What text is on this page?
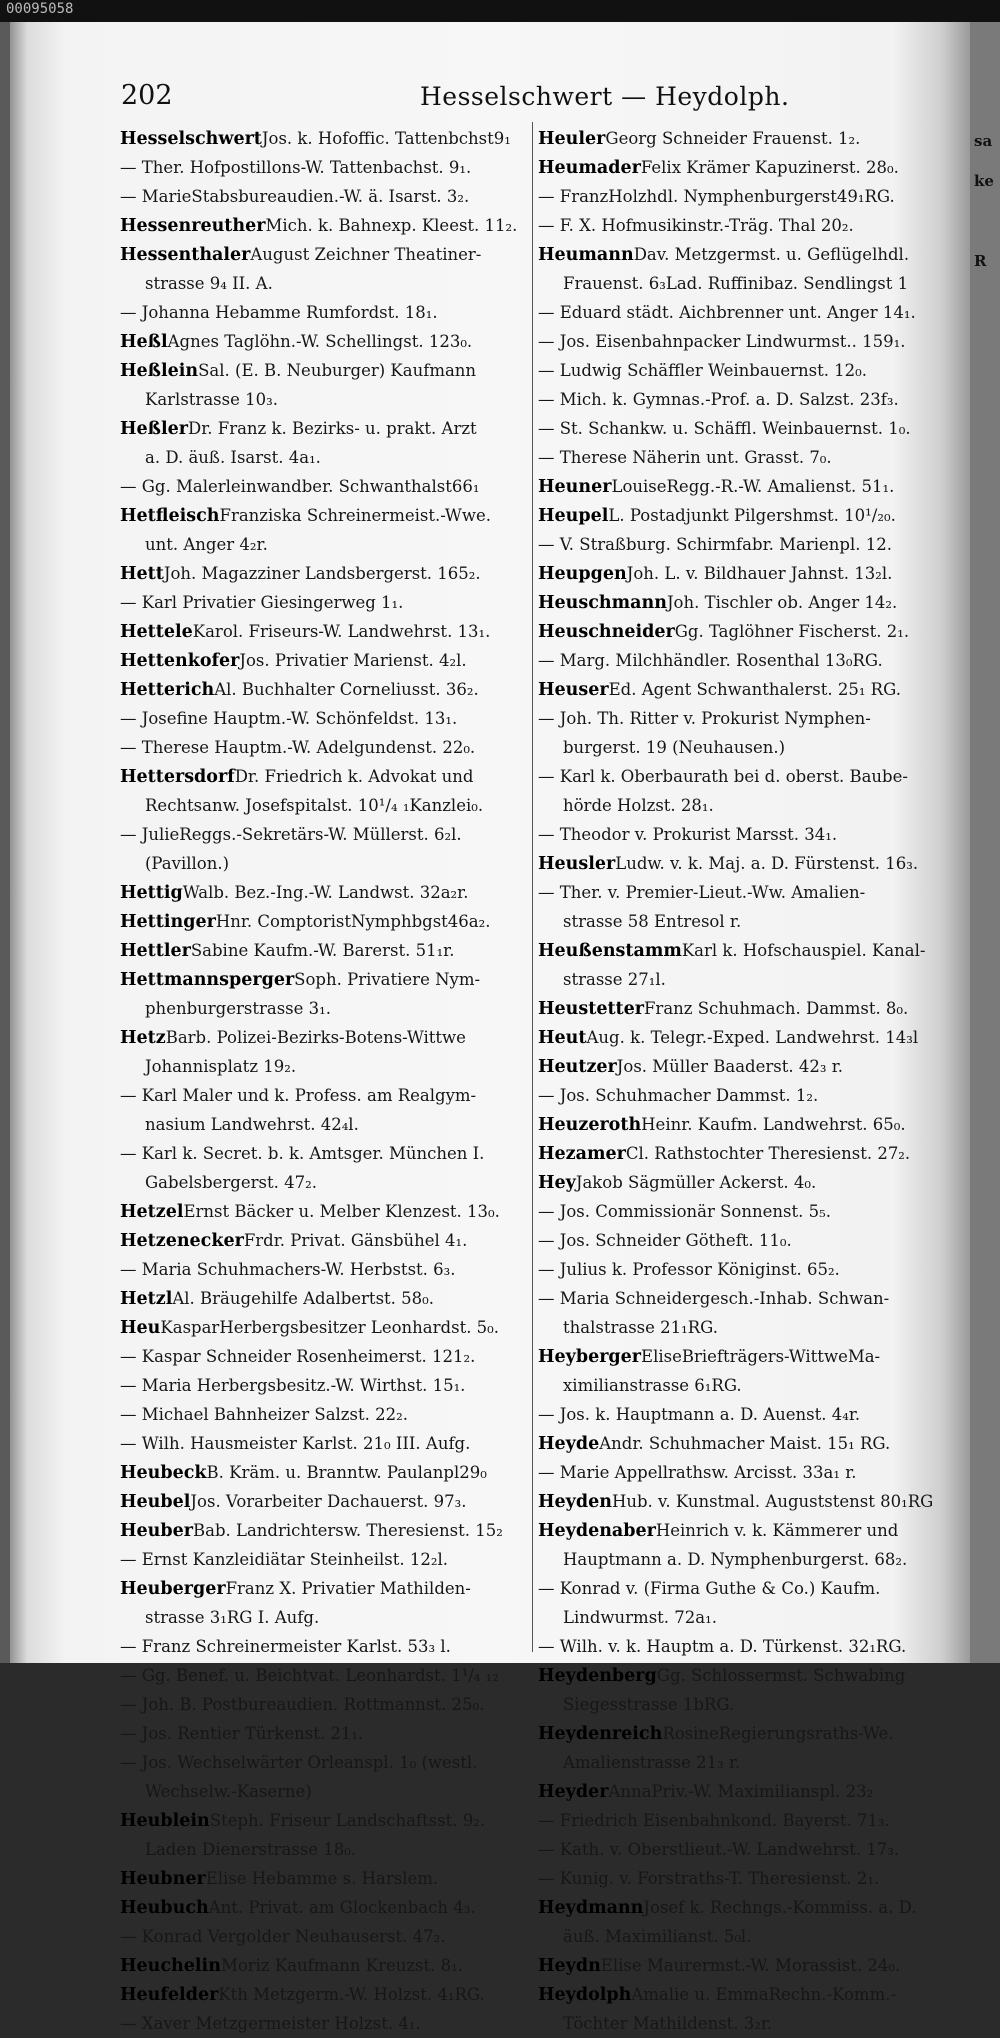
00095058
sa
ke
R
202	Hesselschwert — Heydolph.
HesselschwertJos. k. Hofoffic. Tattenbchst9₁
— Ther. Hofpostillons-W. Tattenbachst. 9₁.
— MarieStabsbureaudien.-W. ä. Isarst. 3₂.
HessenreutherMich. k. Bahnexp. Kleest. 11₂.
HessenthalerAugust Zeichner Theatiner-
strasse 9₄ II. A.
— Johanna Hebamme Rumfordst. 18₁.
HeßlAgnes Taglöhn.-W. Schellingst. 123₀.
HeßleinSal. (E. B. Neuburger) Kaufmann
Karlstrasse 10₃.
HeßlerDr. Franz k. Bezirks- u. prakt. Arzt
a. D. äuß. Isarst. 4a₁.
— Gg. Malerleinwandber. Schwanthalst66₁
HetfleischFranziska Schreinermeist.-Wwe.
unt. Anger 4₂r.
HettJoh. Magazziner Landsbergerst. 165₂.
— Karl Privatier Giesingerweg 1₁.
HetteleKarol. Friseurs-W. Landwehrst. 13₁.
HettenkoferJos. Privatier Marienst. 4₂l.
HetterichAl. Buchhalter Corneliusst. 36₂.
— Josefine Hauptm.-W. Schönfeldst. 13₁.
— Therese Hauptm.-W. Adelgundenst. 22₀.
HettersdorfDr. Friedrich k. Advokat und
Rechtsanw. Josefspitalst. 10¹/₄ ₁Kanzlei₀.
— JulieReggs.-Sekretärs-W. Müllerst. 6₂l.
(Pavillon.)
HettigWalb. Bez.-Ing.-W. Landwst. 32a₂r.
HettingerHnr. ComptoristNymphbgst46a₂.
HettlerSabine Kaufm.-W. Barerst. 51₁r.
HettmannspergerSoph. Privatiere Nym-
phenburgerstrasse 3₁.
HetzBarb. Polizei-Bezirks-Botens-Wittwe
Johannisplatz 19₂.
— Karl Maler und k. Profess. am Realgym-
nasium Landwehrst. 42₄l.
— Karl k. Secret. b. k. Amtsger. München I.
Gabelsbergerst. 47₂.
HetzelErnst Bäcker u. Melber Klenzest. 13₀.
HetzeneckerFrdr. Privat. Gänsbühel 4₁.
— Maria Schuhmachers-W. Herbstst. 6₃.
HetzlAl. Bräugehilfe Adalbertst. 58₀.
HeuKasparHerbergsbesitzer Leonhardst. 5₀.
— Kaspar Schneider Rosenheimerst. 121₂.
— Maria Herbergsbesitz.-W. Wirthst. 15₁.
— Michael Bahnheizer Salzst. 22₂.
— Wilh. Hausmeister Karlst. 21₀ III. Aufg.
HeubeckB. Kräm. u. Branntw. Paulanpl29₀
HeubelJos. Vorarbeiter Dachauerst. 97₃.
HeuberBab. Landrichtersw. Theresienst. 15₂
— Ernst Kanzleidiätar Steinheilst. 12₂l.
HeubergerFranz X. Privatier Mathilden-
strasse 3₁RG I. Aufg.
— Franz Schreinermeister Karlst. 53₃ l.
— Gg. Benef. u. Beichtvat. Leonhardst. 1¹/₄ ₁₂
— Joh. B. Postbureaudien. Rottmannst. 25₀.
— Jos. Rentier Türkenst. 21₁.
— Jos. Wechselwärter Orleanspl. 1₀ (westl.
Wechselw.-Kaserne)
HeubleinSteph. Friseur Landschaftsst. 9₂.
Laden Dienerstrasse 18₀.
HeubnerElise Hebamme s. Harslem.
HeubuchAnt. Privat. am Glockenbach 4₃.
— Konrad Vergolder Neuhauserst. 47₂.
HeuchelinMoriz Kaufmann Kreuzst. 8₁.
HeufelderKth Metzgerm.-W. Holzst. 4₁RG.
— Xaver Metzgermeister Holzst. 4₁.
HeulerGeorg Schneider Frauenst. 1₂.
HeumaderFelix Krämer Kapuzinerst. 28₀.
— FranzHolzhdl. Nymphenburgerst49₁RG.
— F. X. Hofmusikinstr.-Träg. Thal 20₂.
HeumannDav. Metzgermst. u. Geflügelhdl.
Frauenst. 6₃Lad. Ruffinibaz. Sendlingst 1
— Eduard städt. Aichbrenner unt. Anger 14₁.
— Jos. Eisenbahnpacker Lindwurmst.. 159₁.
— Ludwig Schäffler Weinbauernst. 12₀.
— Mich. k. Gymnas.-Prof. a. D. Salzst. 23f₃.
— St. Schankw. u. Schäffl. Weinbauernst. 1₀.
— Therese Näherin unt. Grasst. 7₀.
HeunerLouiseRegg.-R.-W. Amalienst. 51₁.
HeupelL. Postadjunkt Pilgershmst. 10¹/₂₀.
— V. Straßburg. Schirmfabr. Marienpl. 12.
HeupgenJoh. L. v. Bildhauer Jahnst. 13₂l.
HeuschmannJoh. Tischler ob. Anger 14₂.
HeuschneiderGg. Taglöhner Fischerst. 2₁.
— Marg. Milchhändler. Rosenthal 13₀RG.
HeuserEd. Agent Schwanthalerst. 25₁ RG.
— Joh. Th. Ritter v. Prokurist Nymphen-
burgerst. 19 (Neuhausen.)
— Karl k. Oberbaurath bei d. oberst. Baube-
hörde Holzst. 28₁.
— Theodor v. Prokurist Marsst. 34₁.
HeuslerLudw. v. k. Maj. a. D. Fürstenst. 16₃.
— Ther. v. Premier-Lieut.-Ww. Amalien-
strasse 58 Entresol r.
HeußenstammKarl k. Hofschauspiel. Kanal-
strasse 27₁l.
HeustetterFranz Schuhmach. Dammst. 8₀.
HeutAug. k. Telegr.-Exped. Landwehrst. 14₃l
HeutzerJos. Müller Baaderst. 42₃ r.
— Jos. Schuhmacher Dammst. 1₂.
HeuzerothHeinr. Kaufm. Landwehrst. 65₀.
HezamerCl. Rathstochter Theresienst. 27₂.
HeyJakob Sägmüller Ackerst. 4₀.
— Jos. Commissionär Sonnenst. 5₅.
— Jos. Schneider Götheft. 11₀.
— Julius k. Professor Königinst. 65₂.
— Maria Schneidergesch.-Inhab. Schwan-
thalstrasse 21₁RG.
HeybergerEliseBriefträgers-WittweMa-
ximilianstrasse 6₁RG.
— Jos. k. Hauptmann a. D. Auenst. 4₄r.
HeydeAndr. Schuhmacher Maist. 15₁ RG.
— Marie Appellrathsw. Arcisst. 33a₁ r.
HeydenHub. v. Kunstmal. Auguststenst 80₁RG
HeydenaberHeinrich v. k. Kämmerer und
Hauptmann a. D. Nymphenburgerst. 68₂.
— Konrad v. (Firma Guthe & Co.) Kaufm.
Lindwurmst. 72a₁.
— Wilh. v. k. Hauptm a. D. Türkenst. 32₁RG.
HeydenbergGg. Schlossermst. Schwabing
Siegesstrasse 1bRG.
HeydenreichRosineRegierungsraths-We.
Amalienstrasse 21₃ r.
HeyderAnnaPriv.-W. Maximilianspl. 23₂
— Friedrich Eisenbahnkond. Bayerst. 71₃.
— Kath. v. Oberstlieut.-W. Landwehrst. 17₃.
— Kunig. v. Forstraths-T. Theresienst. 2₁.
HeydmannJosef k. Rechngs.-Kommiss. a. D.
äuß. Maximilianst. 5₀l.
HeydnElise Maurermst.-W. Morassist. 24₀.
HeydolphAmalie u. EmmaRechn.-Komm.-
Töchter Mathildenst. 3₂r.
